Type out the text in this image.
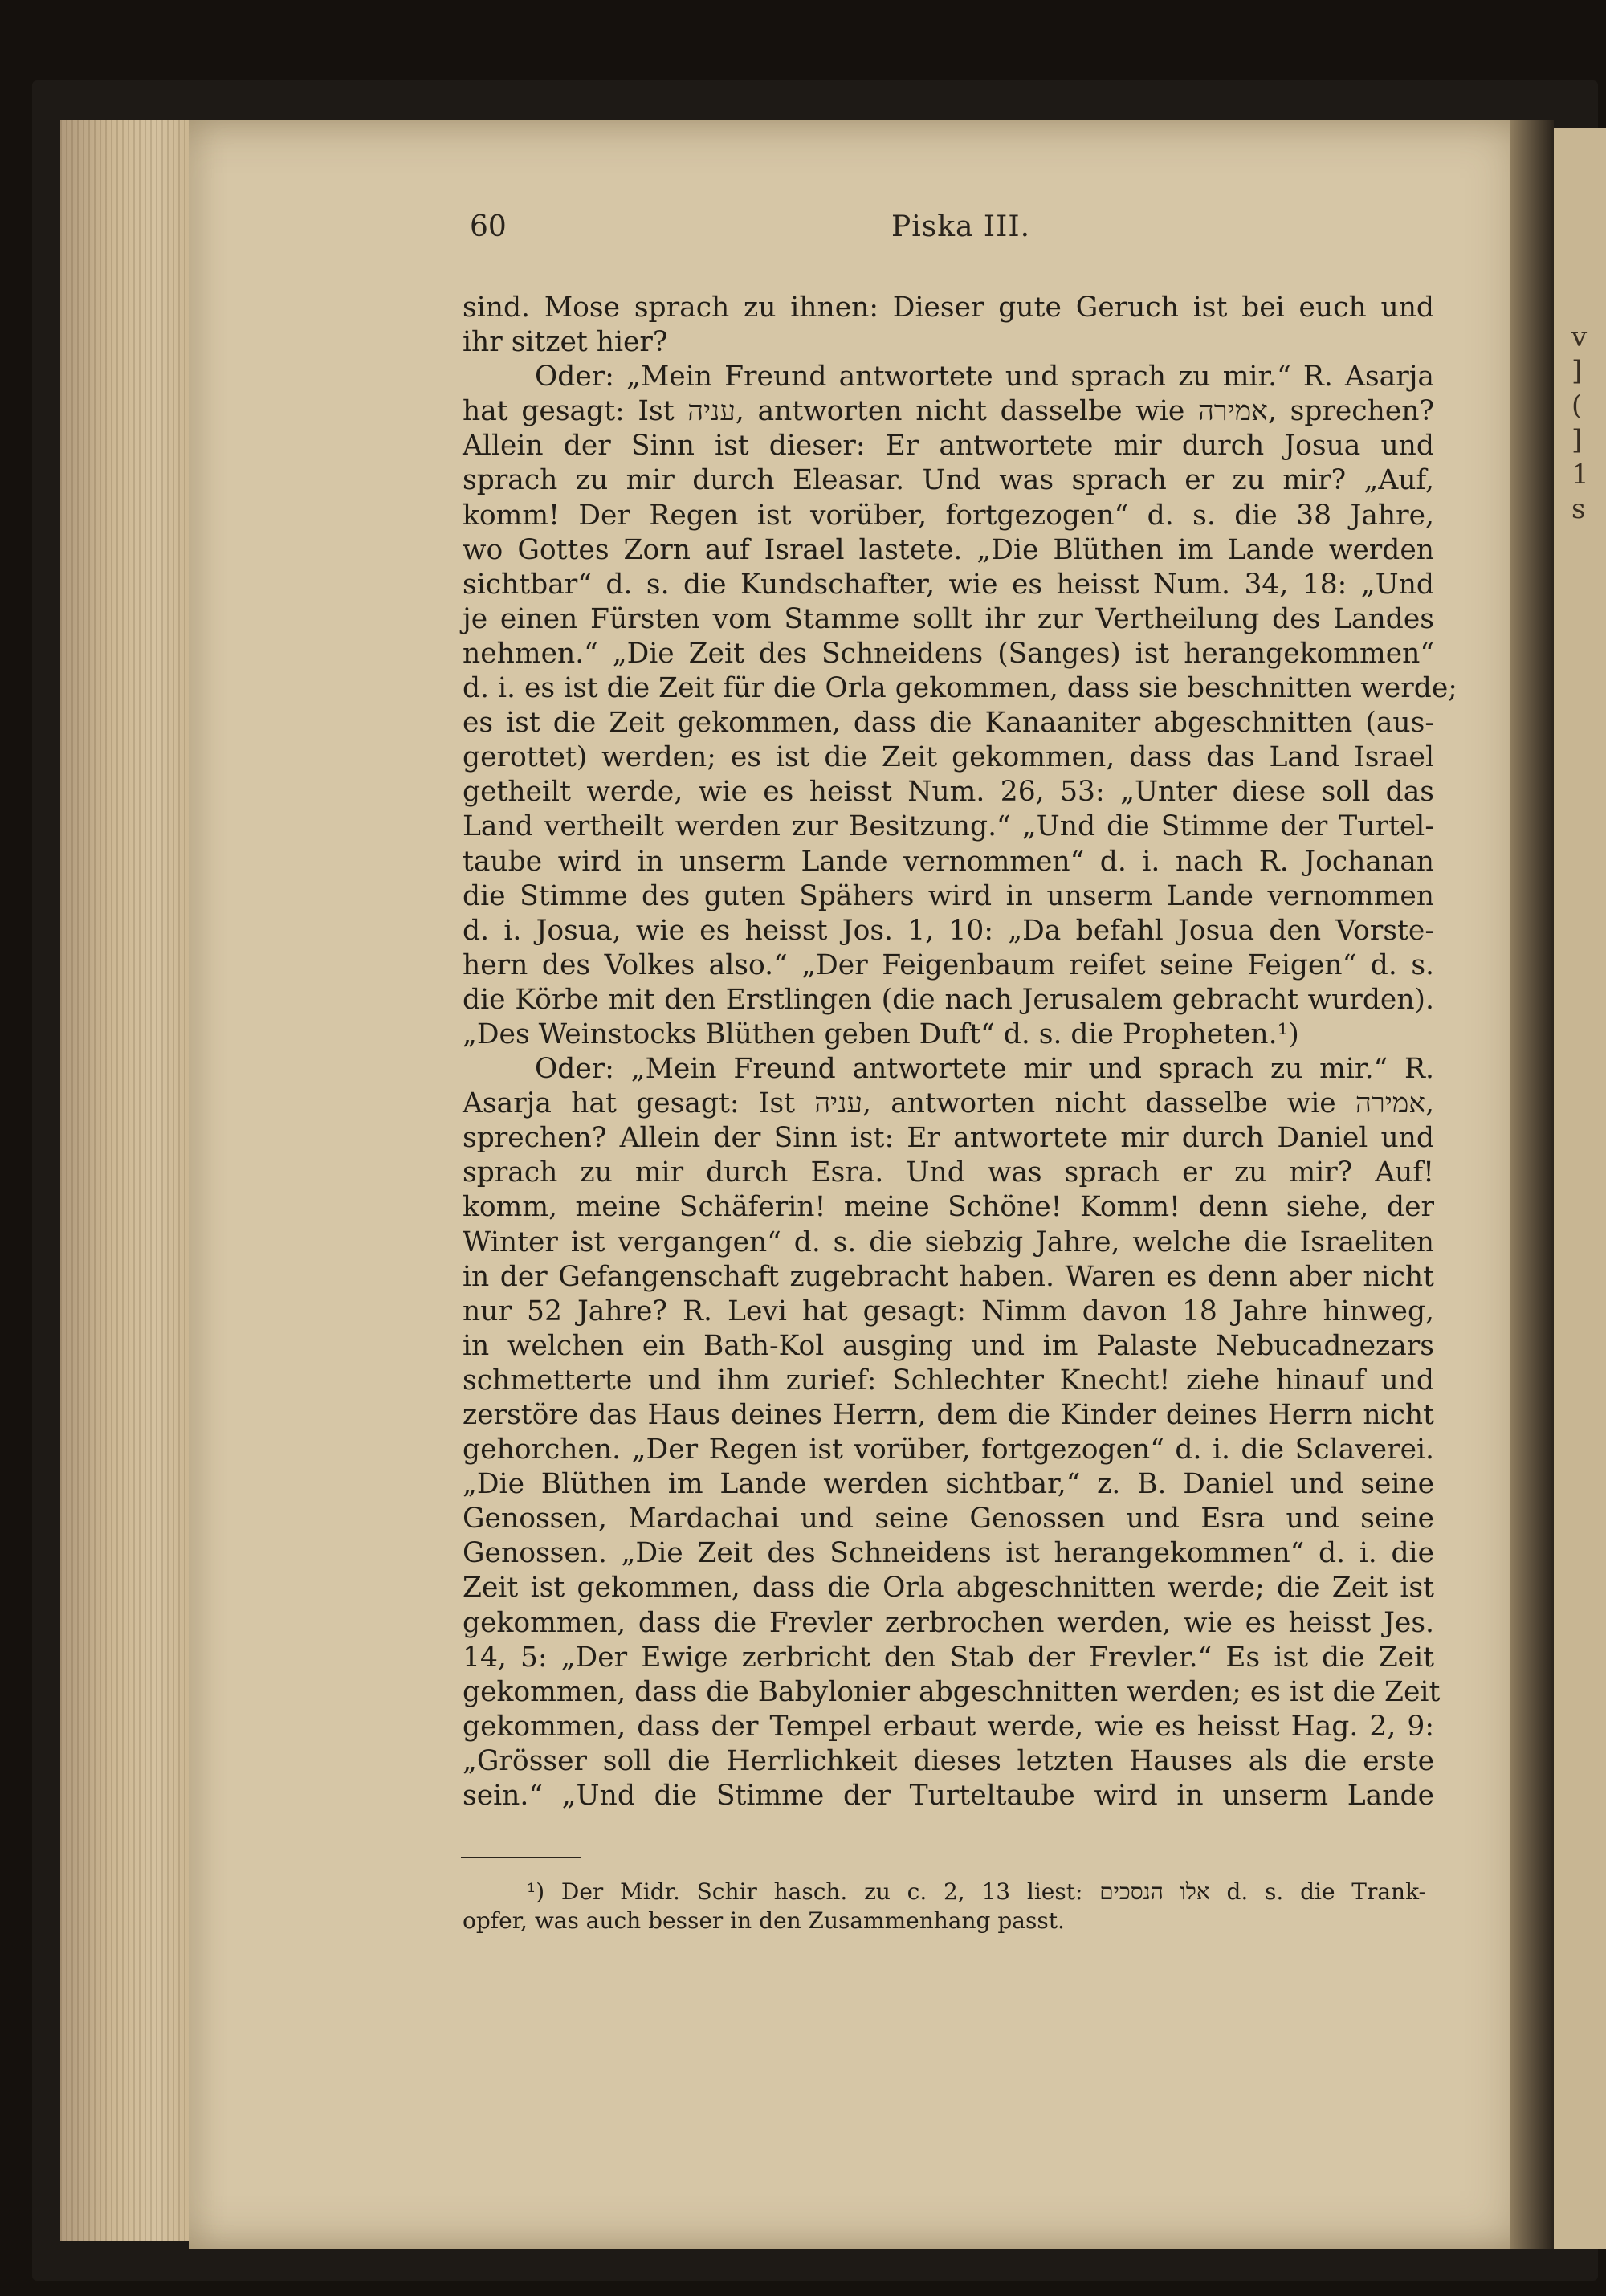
v
]
(
]
1
s
60	Piska III.
sind. Mose sprach zu ihnen: Dieser gute Geruch ist bei euch und
ihr sitzet hier?
Oder: „Mein Freund antwortete und sprach zu mir.“ R. Asarja
hat gesagt: Ist עניה, antworten nicht dasselbe wie אמירה, sprechen?
Allein der Sinn ist dieser: Er antwortete mir durch Josua und
sprach zu mir durch Eleasar. Und was sprach er zu mir? „Auf,
komm! Der Regen ist vorüber, fortgezogen“ d. s. die 38 Jahre,
wo Gottes Zorn auf Israel lastete. „Die Blüthen im Lande werden
sichtbar“ d. s. die Kundschafter, wie es heisst Num. 34, 18: „Und
je einen Fürsten vom Stamme sollt ihr zur Vertheilung des Landes
nehmen.“ „Die Zeit des Schneidens (Sanges) ist herangekommen“
d. i. es ist die Zeit für die Orla gekommen, dass sie beschnitten werde;
es ist die Zeit gekommen, dass die Kanaaniter abgeschnitten (aus-
gerottet) werden; es ist die Zeit gekommen, dass das Land Israel
getheilt werde, wie es heisst Num. 26, 53: „Unter diese soll das
Land vertheilt werden zur Besitzung.“ „Und die Stimme der Turtel-
taube wird in unserm Lande vernommen“ d. i. nach R. Jochanan
die Stimme des guten Spähers wird in unserm Lande vernommen
d. i. Josua, wie es heisst Jos. 1, 10: „Da befahl Josua den Vorste-
hern des Volkes also.“ „Der Feigenbaum reifet seine Feigen“ d. s.
die Körbe mit den Erstlingen (die nach Jerusalem gebracht wurden).
„Des Weinstocks Blüthen geben Duft“ d. s. die Propheten.¹)
Oder: „Mein Freund antwortete mir und sprach zu mir.“ R.
Asarja hat gesagt: Ist עניה, antworten nicht dasselbe wie אמירה,
sprechen? Allein der Sinn ist: Er antwortete mir durch Daniel und
sprach zu mir durch Esra. Und was sprach er zu mir? Auf!
komm, meine Schäferin! meine Schöne! Komm! denn siehe, der
Winter ist vergangen“ d. s. die siebzig Jahre, welche die Israeliten
in der Gefangenschaft zugebracht haben. Waren es denn aber nicht
nur 52 Jahre? R. Levi hat gesagt: Nimm davon 18 Jahre hinweg,
in welchen ein Bath-Kol ausging und im Palaste Nebucadnezars
schmetterte und ihm zurief: Schlechter Knecht! ziehe hinauf und
zerstöre das Haus deines Herrn, dem die Kinder deines Herrn nicht
gehorchen. „Der Regen ist vorüber, fortgezogen“ d. i. die Sclaverei.
„Die Blüthen im Lande werden sichtbar,“ z. B. Daniel und seine
Genossen, Mardachai und seine Genossen und Esra und seine
Genossen. „Die Zeit des Schneidens ist herangekommen“ d. i. die
Zeit ist gekommen, dass die Orla abgeschnitten werde; die Zeit ist
gekommen, dass die Frevler zerbrochen werden, wie es heisst Jes.
14, 5: „Der Ewige zerbricht den Stab der Frevler.“ Es ist die Zeit
gekommen, dass die Babylonier abgeschnitten werden; es ist die Zeit
gekommen, dass der Tempel erbaut werde, wie es heisst Hag. 2, 9:
„Grösser soll die Herrlichkeit dieses letzten Hauses als die erste
sein.“ „Und die Stimme der Turteltaube wird in unserm Lande
¹) Der Midr. Schir hasch. zu c. 2, 13 liest: אלו הנסכים d. s. die Trank-
opfer, was auch besser in den Zusammenhang passt.
